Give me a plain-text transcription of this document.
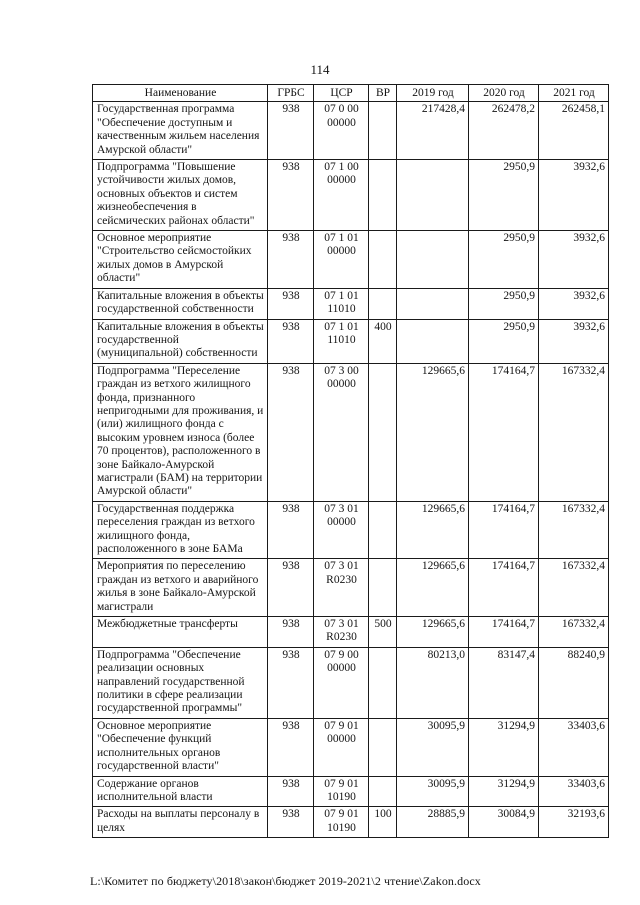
114
Наименование	ГРБС	ЦСР	ВР	2019 год	2020 год	2021 год
Государственная программа "Обеспечение доступным и качественным жильем населения Амурской области"	938	07 0 00 00000		217428,4	262478,2	262458,1
Подпрограмма "Повышение устойчивости жилых домов, основных объектов и систем жизнеобеспечения в сейсмических районах области"	938	07 1 00 00000			2950,9	3932,6
Основное мероприятие "Строительство сейсмостойких жилых домов в Амурской области"	938	07 1 01 00000			2950,9	3932,6
Капитальные вложения в объекты государственной собственности	938	07 1 01 11010			2950,9	3932,6
Капитальные вложения в объекты государственной (муниципальной) собственности	938	07 1 01 11010	400		2950,9	3932,6
Подпрограмма "Переселение граждан из ветхого жилищного фонда, признанного непригодными для проживания, и (или) жилищного фонда с высоким уровнем износа (более 70 процентов), расположенного в зоне Байкало-Амурской магистрали (БАМ) на территории Амурской области"	938	07 3 00 00000		129665,6	174164,7	167332,4
Государственная поддержка переселения граждан из ветхого жилищного фонда, расположенного в зоне БАМа	938	07 3 01 00000		129665,6	174164,7	167332,4
Мероприятия по переселению граждан из ветхого и аварийного жилья в зоне Байкало-Амурской магистрали	938	07 3 01 R0230		129665,6	174164,7	167332,4
Межбюджетные трансферты	938	07 3 01 R0230	500	129665,6	174164,7	167332,4
Подпрограмма "Обеспечение реализации основных направлений государственной политики в сфере реализации государственной программы"	938	07 9 00 00000		80213,0	83147,4	88240,9
Основное мероприятие "Обеспечение функций исполнительных органов государственной власти"	938	07 9 01 00000		30095,9	31294,9	33403,6
Содержание органов исполнительной власти	938	07 9 01 10190		30095,9	31294,9	33403,6
Расходы на выплаты персоналу в целях	938	07 9 01 10190	100	28885,9	30084,9	32193,6
L:\Комитет по бюджету\2018\закон\бюджет 2019-2021\2 чтение\Zakon.docx
